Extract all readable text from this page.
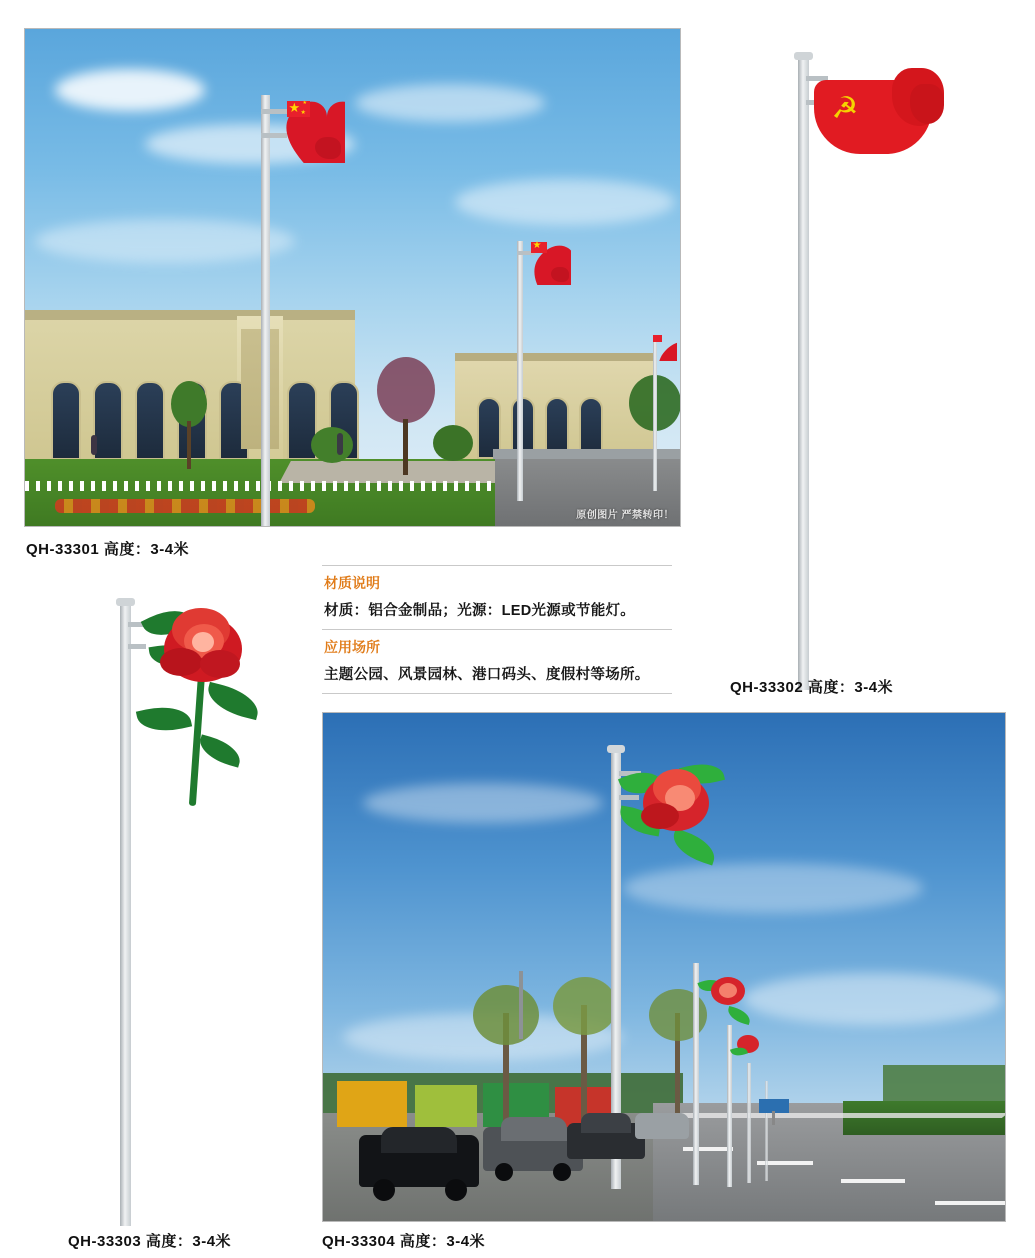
★ ★
★
★
原创图片 严禁转印！
QH-33301 高度：3-4米
☭
QH-33302 高度：3-4米
材质说明
材质：铝合金制品；光源：LED光源或节能灯。
应用场所
主题公园、风景园林、港口码头、度假村等场所。
QH-33303 高度：3-4米	QH-33304 高度：3-4米
